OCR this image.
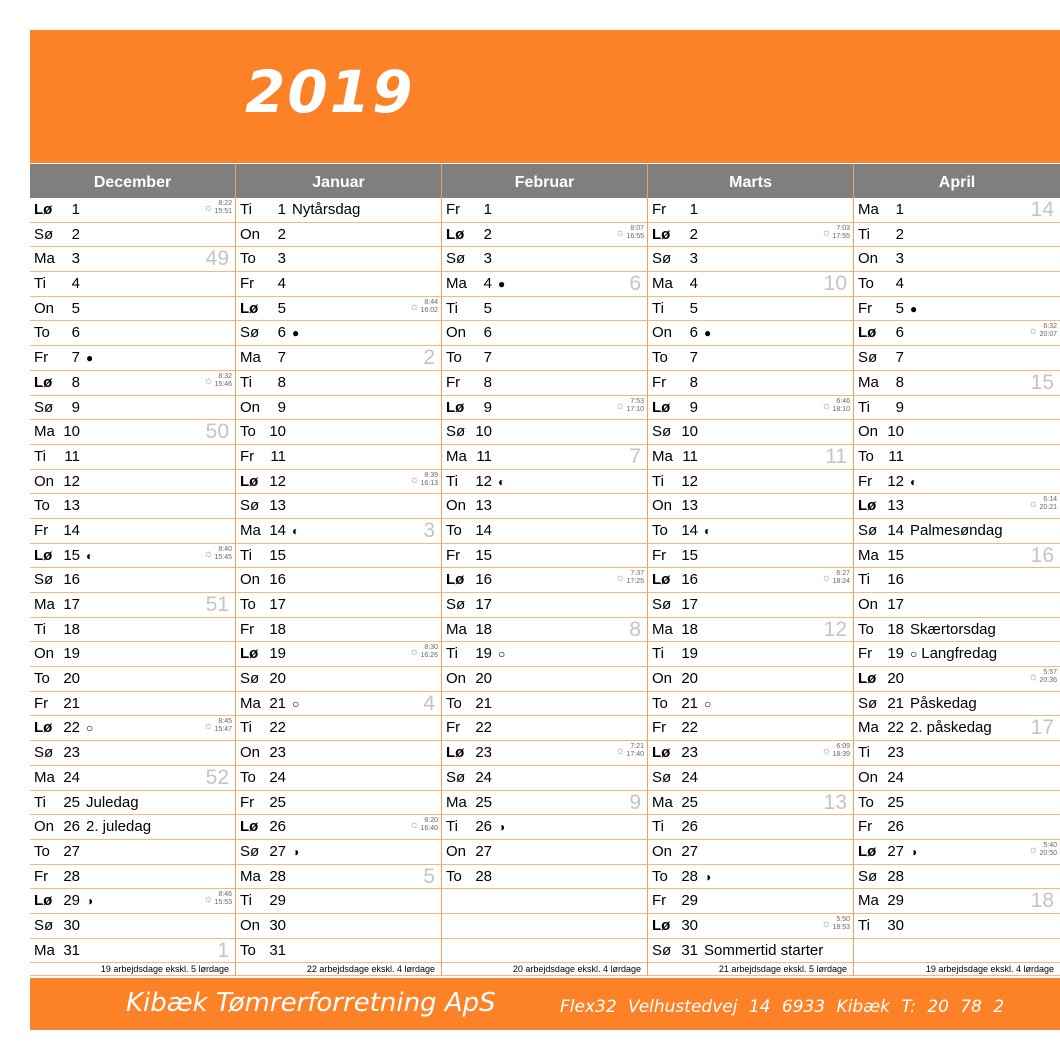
2019
December
Lø	1	☼ 8:22
15:51
Sø	2
Ma	3	49
Ti	4
On	5
To	6
Fr	7 ●
Lø	8	☼ 8:32
15:46
Sø	9
Ma 10	50
Ti 11
On 12
To 13
Fr 14
Lø 15 ◐	☼ 8:40
15:45
Sø 16
Ma 17	51
Ti 18
On 19
To 20
Fr 21
Lø 22 ○	☼ 8:45
15:47
Sø 23
Ma 24	52
Ti 25 Juledag
On 26 2. juledag
To 27
Fr 28
Lø 29 ◑	☼ 8:46
15:53
Sø 30
Ma 31	1
19 arbejdsdage ekskl. 5 lørdage
Januar
Ti	1 Nytårsdag
On	2
To	3
Fr	4
Lø	5	☼ 8:44
16:02
Sø	6 ●
Ma	7	2
Ti	8
On	9
To 10
Fr 11
Lø 12	☼ 8:39
16:13
Sø 13
Ma 14 ◐	3
Ti 15
On 16
To 17
Fr 18
Lø 19	☼ 8:30
16:26
Sø 20
Ma 21 ○	4
Ti 22
On 23
To 24
Fr 25
Lø 26	☼ 8:20
16:40
Sø 27 ◑
Ma 28	5
Ti 29
On 30
To 31
22 arbejdsdage ekskl. 4 lørdage
Februar
Fr	1
Lø	2	☼ 8:07
16:55
Sø	3
Ma	4 ●	6
Ti	5
On	6
To	7
Fr	8
Lø	9	☼ 7:53
17:10
Sø 10
Ma 11	7
Ti 12 ◐
On 13
To 14
Fr 15
Lø 16	☼ 7:37
17:25
Sø 17
Ma 18	8
Ti 19 ○
On 20
To 21
Fr 22
Lø 23	☼ 7:21
17:40
Sø 24
Ma 25	9
Ti 26 ◑
On 27
To 28
20 arbejdsdage ekskl. 4 lørdage
Marts
Fr	1
Lø	2	☼ 7:03
17:55
Sø	3
Ma	4	10
Ti	5
On	6 ●
To	7
Fr	8
Lø	9	☼ 6:46
18:10
Sø 10
Ma 11	11
Ti 12
On 13
To 14 ◐
Fr 15
Lø 16	☼ 6:27
18:24
Sø 17
Ma 18	12
Ti 19
On 20
To 21 ○
Fr 22
Lø 23	☼ 6:09
18:39
Sø 24
Ma 25	13
Ti 26
On 27
To 28 ◑
Fr 29
Lø 30	☼ 5:50
18:53
Sø 31 Sommertid starter
21 arbejdsdage ekskl. 5 lørdage
April
Ma	1	14
Ti	2
On	3
To	4
Fr	5 ●
Lø	6	☼ 6:32
20:07
Sø	7
Ma	8	15
Ti	9
On 10
To 11
Fr 12 ◐
Lø 13	☼ 6:14
20:21
Sø 14 Palmesøndag
Ma 15	16
Ti 16
On 17
To 18 Skærtorsdag
Fr 19 ○ Langfredag
Lø 20	☼ 5:57
20:36
Sø 21 Påskedag
Ma 22 2. påskedag 17
Ti 23
On 24
To 25
Fr 26
Lø 27 ◑	☼ 5:40
20:50
Sø 28
Ma 29	18
Ti 30
19 arbejdsdage ekskl. 4 lørdage
Kibæk Tømrerforretning ApS	Flex32 Velhustedvej 14 6933 Kibæk T: 20 78 2
